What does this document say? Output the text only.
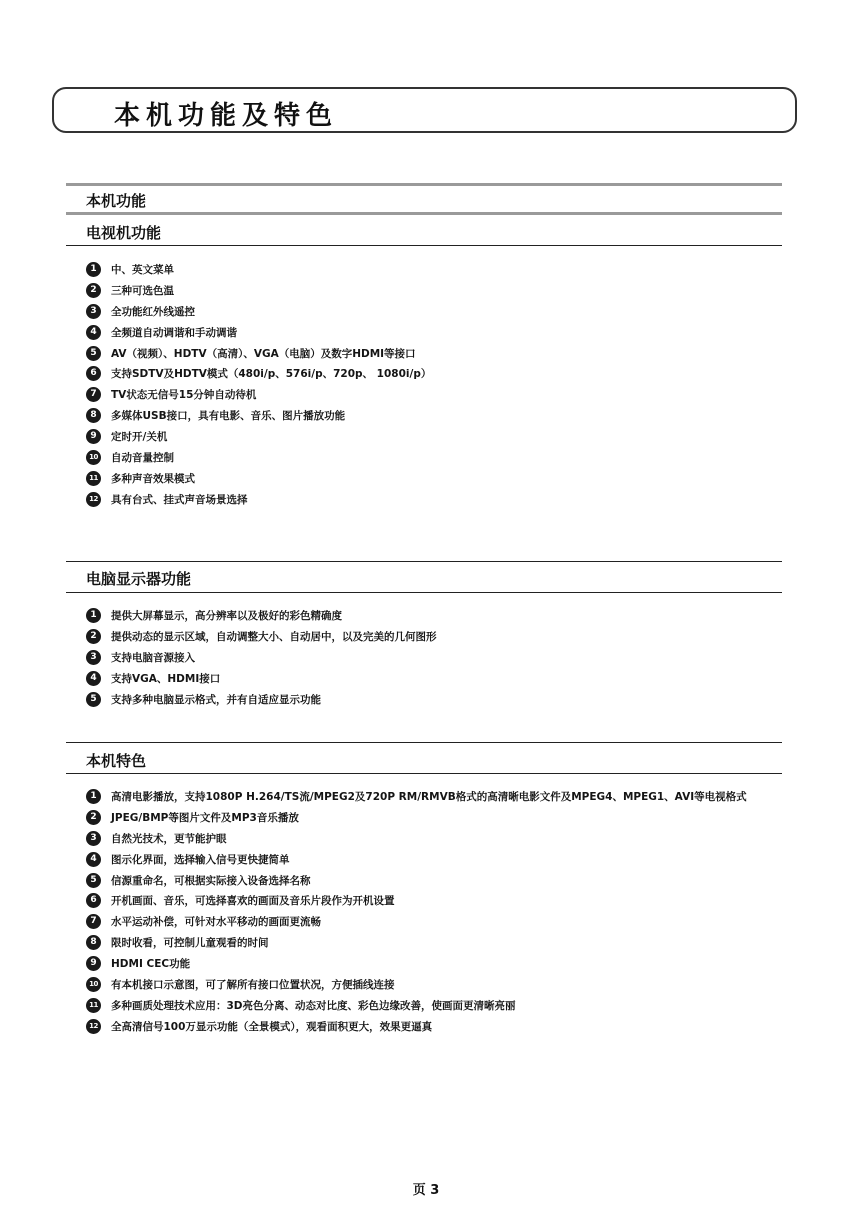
本机功能及特色
本机功能
电视机功能
1	中、英文菜单
2	三种可选色温
3	全功能红外线遥控
4	全频道自动调谐和手动调谐
5	AV（视频）、HDTV（高清）、VGA（电脑）及数字HDMI等接口
6	支持SDTV及HDTV模式（480i/p、576i/p、720p、 1080i/p）
7	TV状态无信号15分钟自动待机
8	多媒体USB接口，具有电影、音乐、图片播放功能
9	定时开/关机
10 自动音量控制
11 多种声音效果模式
12 具有台式、挂式声音场景选择
电脑显示器功能
1	提供大屏幕显示，高分辨率以及极好的彩色精确度
2	提供动态的显示区域，自动调整大小、自动居中，以及完美的几何图形
3	支持电脑音源接入
4	支持VGA、HDMI接口
5	支持多种电脑显示格式，并有自适应显示功能
本机特色
1	高清电影播放，支持1080P H.264/TS流/MPEG2及720P RM/RMVB格式的高清晰电影文件及MPEG4、MPEG1、AVI等电视格式
2	JPEG/BMP等图片文件及MP3音乐播放
3	自然光技术，更节能护眼
4	图示化界面，选择输入信号更快捷简单
5	信源重命名，可根据实际接入设备选择名称
6	开机画面、音乐，可选择喜欢的画面及音乐片段作为开机设置
7	水平运动补偿，可针对水平移动的画面更流畅
8	限时收看，可控制儿童观看的时间
9	HDMI CEC功能
10 有本机接口示意图，可了解所有接口位置状况，方便插线连接
11 多种画质处理技术应用：3D亮色分离、动态对比度、彩色边缘改善，使画面更清晰亮丽
12 全高清信号100万显示功能（全景模式），观看面积更大，效果更逼真
页 3
